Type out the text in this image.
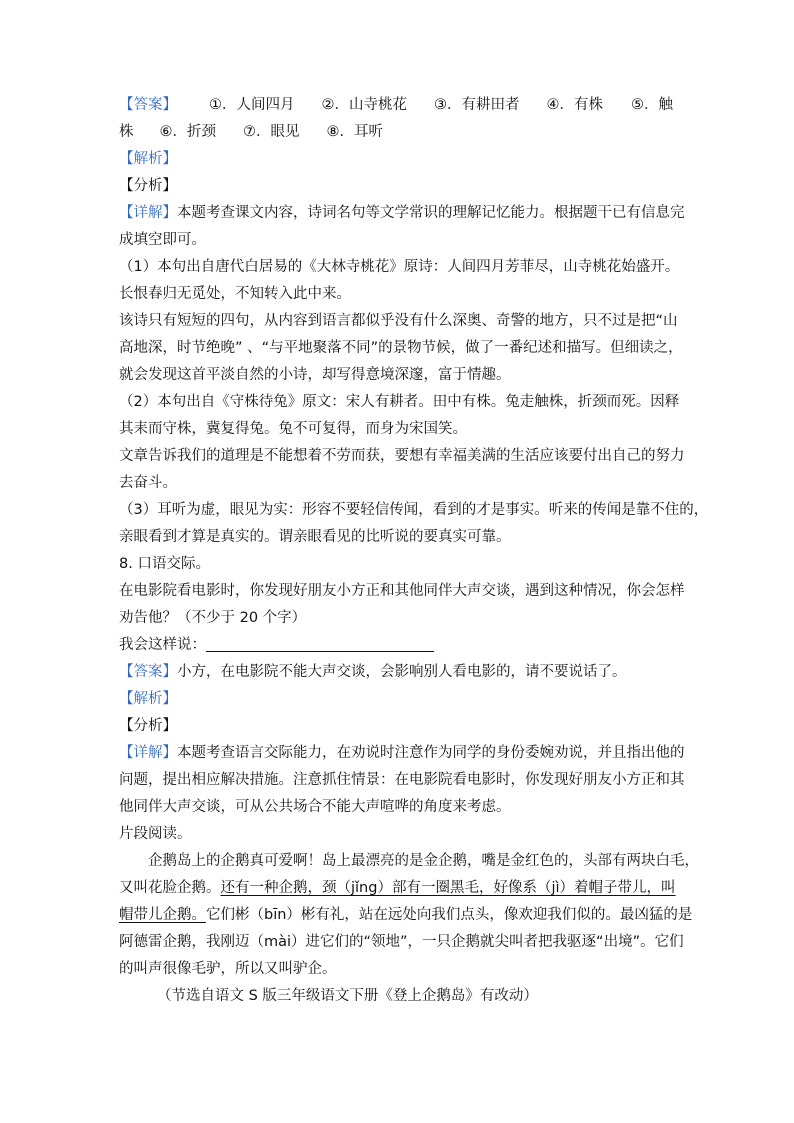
【答案】 ①．人间四月 ②．山寺桃花 ③．有耕田者 ④．有株 ⑤．触
株 ⑥．折颈 ⑦．眼见 ⑧．耳听
【解析】
【分析】
【详解】本题考查课文内容，诗词名句等文学常识的理解记忆能力。根据题干已有信息完
成填空即可。
（1）本句出自唐代白居易的《大林寺桃花》原诗：人间四月芳菲尽，山寺桃花始盛开。
长恨春归无觅处，不知转入此中来。
该诗只有短短的四句，从内容到语言都似乎没有什么深奥、奇警的地方，只不过是把“山
高地深，时节绝晚” 、“与平地聚落不同”的景物节候，做了一番纪述和描写。但细读之，
就会发现这首平淡自然的小诗，却写得意境深邃，富于情趣。
（2）本句出自《守株待兔》原文：宋人有耕者。田中有株。兔走触株，折颈而死。因释
其耒而守株，冀复得兔。兔不可复得，而身为宋国笑。
文章告诉我们的道理是不能想着不劳而获，要想有幸福美满的生活应该要付出自己的努力
去奋斗。
（3）耳听为虚，眼见为实：形容不要轻信传闻，看到的才是事实。听来的传闻是靠不住的，
亲眼看到才算是真实的。谓亲眼看见的比听说的要真实可靠。
8. 口语交际。
在电影院看电影时，你发现好朋友小方正和其他同伴大声交谈，遇到这种情况，你会怎样
劝告他？（不少于 20 个字）
我会这样说：
【答案】小方，在电影院不能大声交谈，会影响别人看电影的，请不要说话了。
【解析】
【分析】
【详解】本题考查语言交际能力，在劝说时注意作为同学的身份委婉劝说，并且指出他的
问题，提出相应解决措施。注意抓住情景：在电影院看电影时，你发现好朋友小方正和其
他同伴大声交谈，可从公共场合不能大声喧哗的角度来考虑。
片段阅读。
企鹅岛上的企鹅真可爱啊！岛上最漂亮的是金企鹅，嘴是金红色的，头部有两块白毛，
又叫花脸企鹅。还有一种企鹅，颈（jǐng）部有一圈黑毛，好像系（jì）着帽子带儿，叫
帽带儿企鹅。它们彬（bīn）彬有礼，站在远处向我们点头，像欢迎我们似的。最凶猛的是
阿德雷企鹅，我刚迈（mài）进它们的“领地”，一只企鹅就尖叫者把我驱逐“出境”。它们
的叫声很像毛驴，所以又叫驴企。
（节选自语文 S 版三年级语文下册《登上企鹅岛》有改动）
